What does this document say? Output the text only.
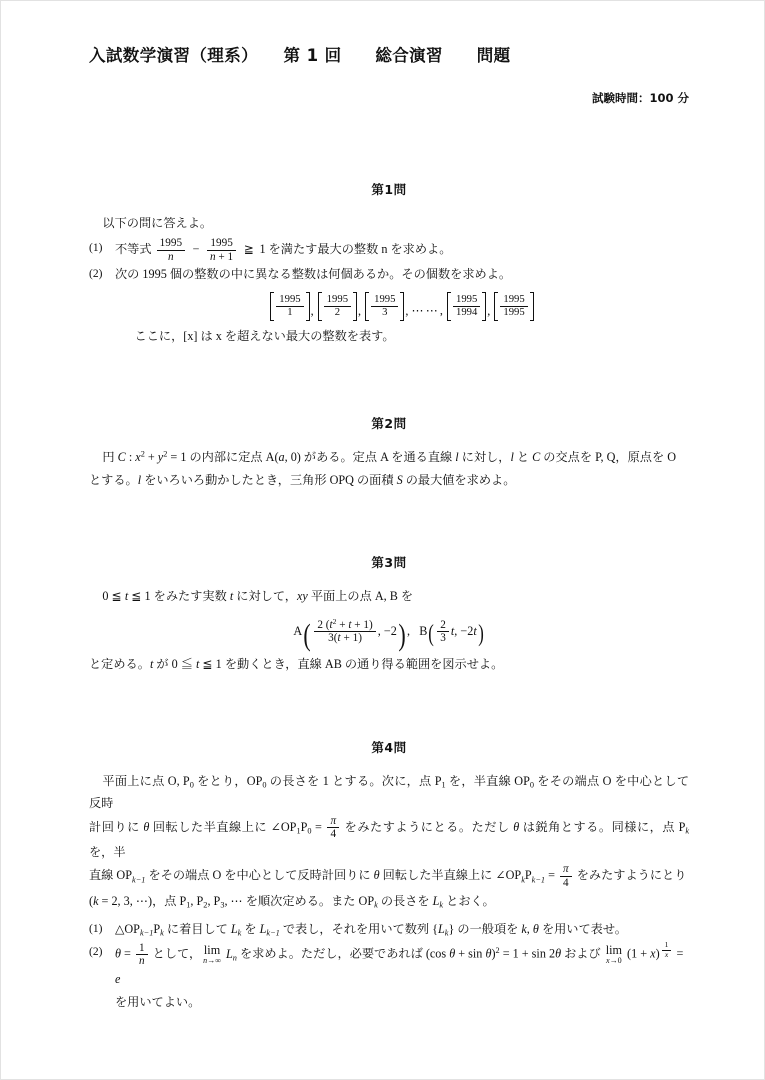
入試数学演習（理系）　　第 1 回　　総合演習　　問題
試験時間：100 分
第1問
以下の問に答えよ。
(1)	不等式 $\frac{1995}{n} - \frac{1995}{n + 1}$ ≧ 1 を満たす最大の整数 n を求めよ。
(2)	次の 1995 個の整数の中に異なる整数は何個あるか。その個数を求めよ。
$\frac{1995}{1}$ , $\frac{1995}{2}$ , $\frac{1995}{3}$ , ⋯⋯, $\frac{1995}{1994}$ , $\frac{1995}{1995}$
ここに，[x] は x を超えない最大の整数を表す。
第2問
円 C : $x^2 + y^2 = 1$ の内部に定点 A(a, 0) がある。定点 A を通る直線 l に対し，l と C の交点を P, Q，原点を O
とする。l をいろいろ動かしたとき，三角形 OPQ の面積 S の最大値を求めよ。
第3問
0 ≦ t ≦ 1 をみたす実数 t に対して，xy 平面上の点 A, B を
$A( \frac{2 (t^2 + t + 1)}{3(t + 1)}$ , −2),   $B( \frac{2}{3} t$, −2t)
と定める。t が 0 ≦ t ≦ 1 を動くとき，直線 AB の通り得る範囲を図示せよ。
第4問
平面上に点 O, $P_0$ をとり，$OP_0$ の長さを 1 とする。次に，点 $P_1$ を，半直線 $OP_0$ をその端点 O を中心として反時
計回りに θ 回転した半直線上に $\angle OP_1P_0 = \frac{\pi}{4}$ をみたすようにとる。ただし θ は鋭角とする。同様に，点 $P_k$ を，半
直線 $OP_{k-1}$ をその端点 O を中心として反時計回りに θ 回転した半直線上に $\angle OP_kP_{k-1} = \frac{\pi}{4}$ をみたすようにとり
(k = 2, 3, ⋯)，点 $P_1$, $P_2$, $P_3$, ⋯ を順次定める。また $OP_k$ の長さを $L_k$ とおく。
(1)	$\triangle OP_{k-1}P_k$ に着目して $L_k$ を $L_{k-1}$ で表し，それを用いて数列 $\{L_k\}$ の一般項を k, θ を用いて表せ。
(2)	$\theta = \frac{1}{n}$ として， lim
n→∞ $L_n$ を求めよ。ただし，必要であれば (cos θ + sin θ)$^2$ = 1 + sin 2θ および lim
x→0 (1 + x) $^{\frac{1}{x}}$ = e
を用いてよい。
